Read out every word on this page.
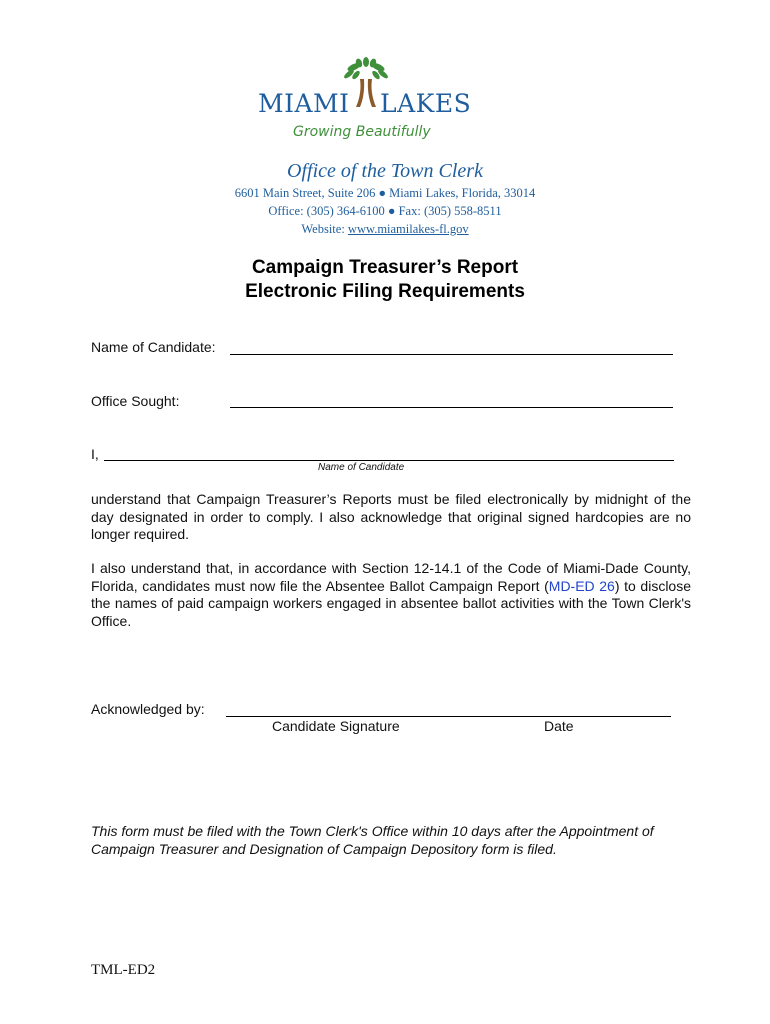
MIAMI LAKES
Growing Beautifully
Office of the Town Clerk
6601 Main Street, Suite 206 ● Miami Lakes, Florida, 33014
Office: (305) 364-6100 ● Fax: (305) 558-8511
Website: www.miamilakes-fl.gov
Campaign Treasurer’s Report
Electronic Filing Requirements
Name of Candidate:
Office Sought:
I,
Name of Candidate
understand that Campaign Treasurer’s Reports must be filed electronically by midnight of the day designated in order to comply. I also acknowledge that original signed hardcopies are no longer required.
I also understand that, in accordance with Section 12-14.1 of the Code of Miami-Dade County, Florida, candidates must now file the Absentee Ballot Campaign Report (MD-ED 26) to disclose the names of paid campaign workers engaged in absentee ballot activities with the Town Clerk's Office.
Acknowledged by:
Candidate Signature	Date
This form must be filed with the Town Clerk's Office within 10 days after the Appointment of Campaign Treasurer and Designation of Campaign Depository form is filed.
TML-ED2
